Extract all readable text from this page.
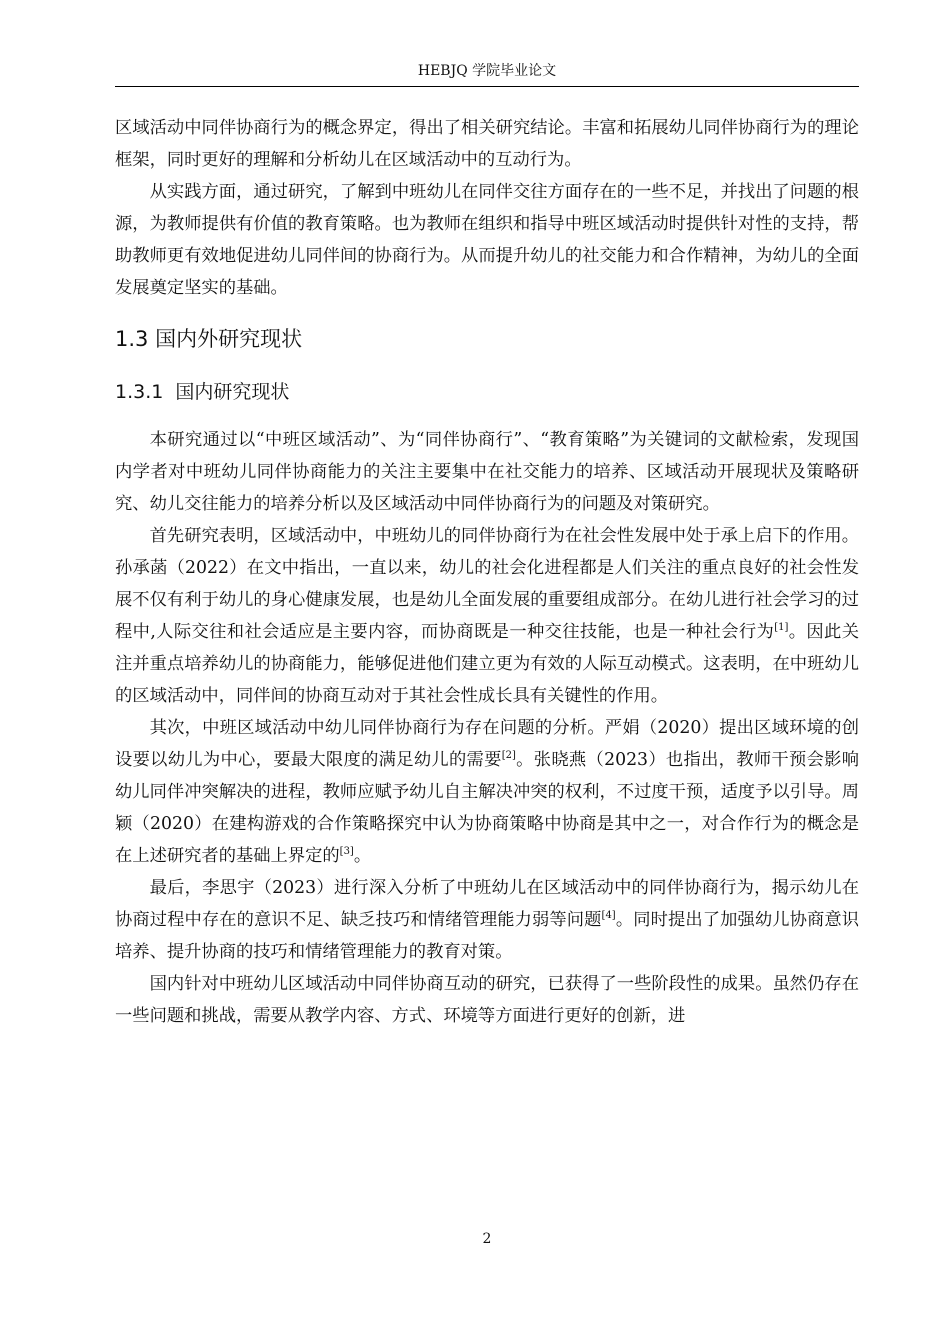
HEBJQ 学院毕业论文

区域活动中同伴协商行为的概念界定，得出了相关研究结论。丰富和拓展幼儿同伴协商行为的理论框架，同时更好的理解和分析幼儿在区域活动中的互动行为。

从实践方面，通过研究，了解到中班幼儿在同伴交往方面存在的一些不足，并找出了问题的根源，为教师提供有价值的教育策略。也为教师在组织和指导中班区域活动时提供针对性的支持，帮助教师更有效地促进幼儿同伴间的协商行为。从而提升幼儿的社交能力和合作精神，为幼儿的全面发展奠定坚实的基础。

1.3 国内外研究现状
1.3.1 国内研究现状

本研究通过以“中班区域活动”、为“同伴协商行”、“教育策略”为关键词的文献检索，发现国内学者对中班幼儿同伴协商能力的关注主要集中在社交能力的培养、区域活动开展现状及策略研究、幼儿交往能力的培养分析以及区域活动中同伴协商行为的问题及对策研究。

首先研究表明，区域活动中，中班幼儿的同伴协商行为在社会性发展中处于承上启下的作用。孙承菡（2022）在文中指出，一直以来，幼儿的社会化进程都是人们关注的重点良好的社会性发展不仅有利于幼儿的身心健康发展，也是幼儿全面发展的重要组成部分。在幼儿进行社会学习的过程中,人际交往和社会适应是主要内容，而协商既是一种交往技能，也是一种社会行为[1]。因此关注并重点培养幼儿的协商能力，能够促进他们建立更为有效的人际互动模式。这表明，在中班幼儿的区域活动中，同伴间的协商互动对于其社会性成长具有关键性的作用。

其次，中班区域活动中幼儿同伴协商行为存在问题的分析。严娟（2020）提出区域环境的创设要以幼儿为中心，要最大限度的满足幼儿的需要[2]。张晓燕（2023）也指出，教师干预会影响幼儿同伴冲突解决的进程，教师应赋予幼儿自主解决冲突的权利，不过度干预，适度予以引导。周颖（2020）在建构游戏的合作策略探究中认为协商策略中协商是其中之一，对合作行为的概念是在上述研究者的基础上界定的[3]。

最后，李思宇（2023）进行深入分析了中班幼儿在区域活动中的同伴协商行为，揭示幼儿在协商过程中存在的意识不足、缺乏技巧和情绪管理能力弱等问题[4]。同时提出了加强幼儿协商意识培养、提升协商的技巧和情绪管理能力的教育对策。

国内针对中班幼儿区域活动中同伴协商互动的研究，已获得了一些阶段性的成果。虽然仍存在一些问题和挑战，需要从教学内容、方式、环境等方面进行更好的创新，进

2
